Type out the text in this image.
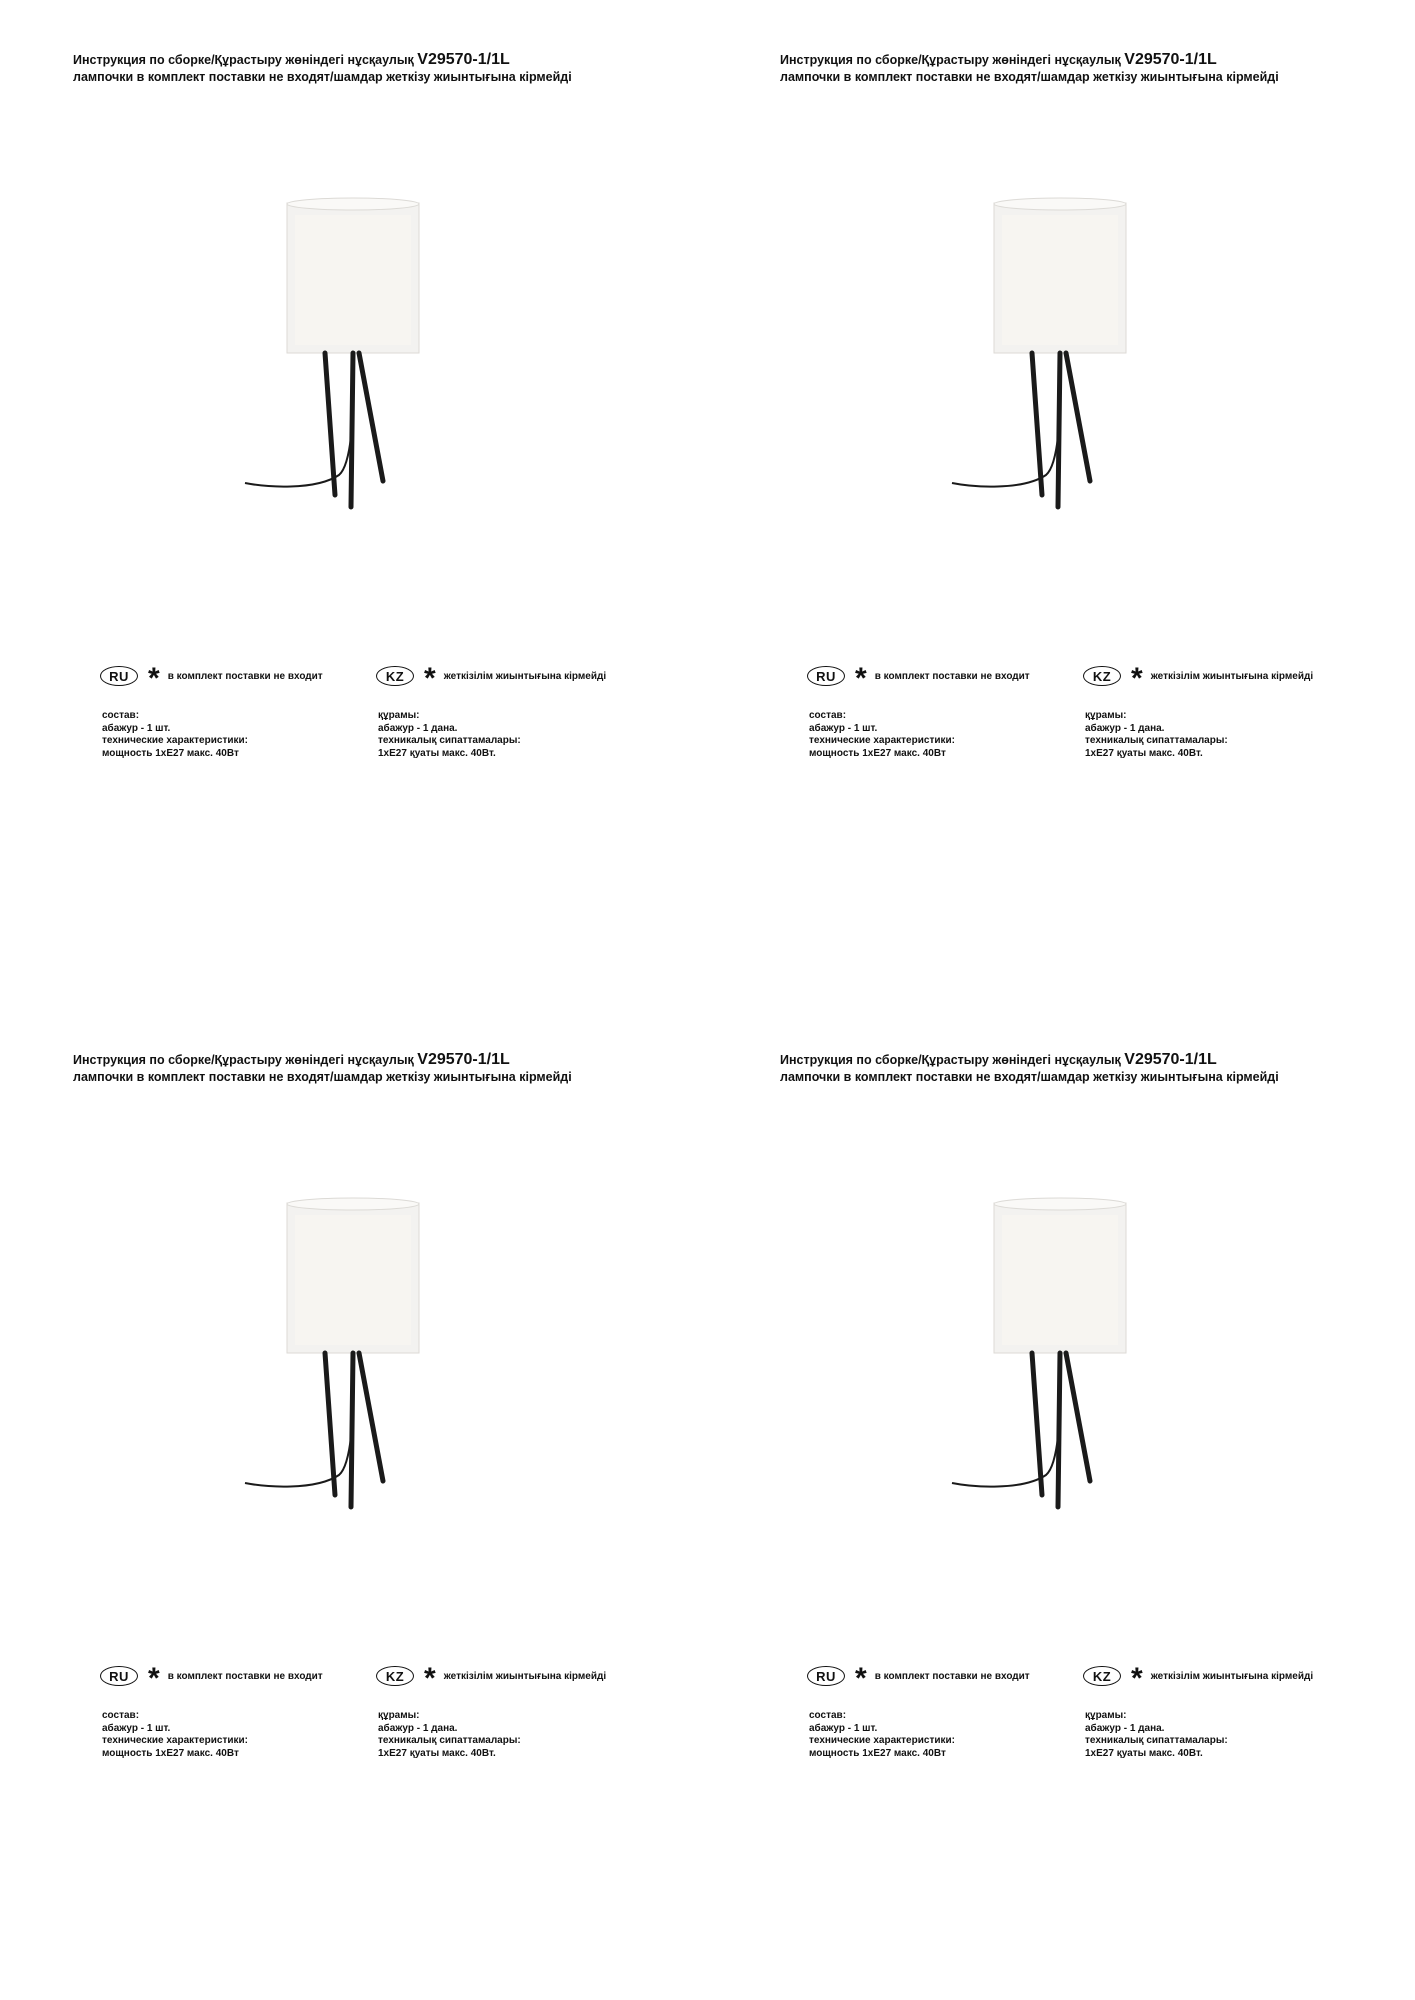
Инструкция по сборке/Құрастыру жөніндегі нұсқаулық V29570-1/1L
лампочки в комплект поставки не входят/шамдар жеткізу жиынтығына кірмейді
RU * в комплект поставки не входит	KZ * жеткізілім жиынтығына кірмейді
состав:
абажур - 1 шт.
технические характеристики:
мощность 1хE27 макс. 40Вт
құрамы:
абажур - 1 дана.
техникалық сипаттамалары:
1хE27 қуаты макс. 40Вт.
Инструкция по сборке/Құрастыру жөніндегі нұсқаулық V29570-1/1L
лампочки в комплект поставки не входят/шамдар жеткізу жиынтығына кірмейді
RU * в комплект поставки не входит	KZ * жеткізілім жиынтығына кірмейді
состав:
абажур - 1 шт.
технические характеристики:
мощность 1хE27 макс. 40Вт
құрамы:
абажур - 1 дана.
техникалық сипаттамалары:
1хE27 қуаты макс. 40Вт.
Инструкция по сборке/Құрастыру жөніндегі нұсқаулық V29570-1/1L
лампочки в комплект поставки не входят/шамдар жеткізу жиынтығына кірмейді
RU * в комплект поставки не входит	KZ * жеткізілім жиынтығына кірмейді
состав:
абажур - 1 шт.
технические характеристики:
мощность 1хE27 макс. 40Вт
құрамы:
абажур - 1 дана.
техникалық сипаттамалары:
1хE27 қуаты макс. 40Вт.
Инструкция по сборке/Құрастыру жөніндегі нұсқаулық V29570-1/1L
лампочки в комплект поставки не входят/шамдар жеткізу жиынтығына кірмейді
RU * в комплект поставки не входит	KZ * жеткізілім жиынтығына кірмейді
состав:
абажур - 1 шт.
технические характеристики:
мощность 1хE27 макс. 40Вт
құрамы:
абажур - 1 дана.
техникалық сипаттамалары:
1хE27 қуаты макс. 40Вт.
